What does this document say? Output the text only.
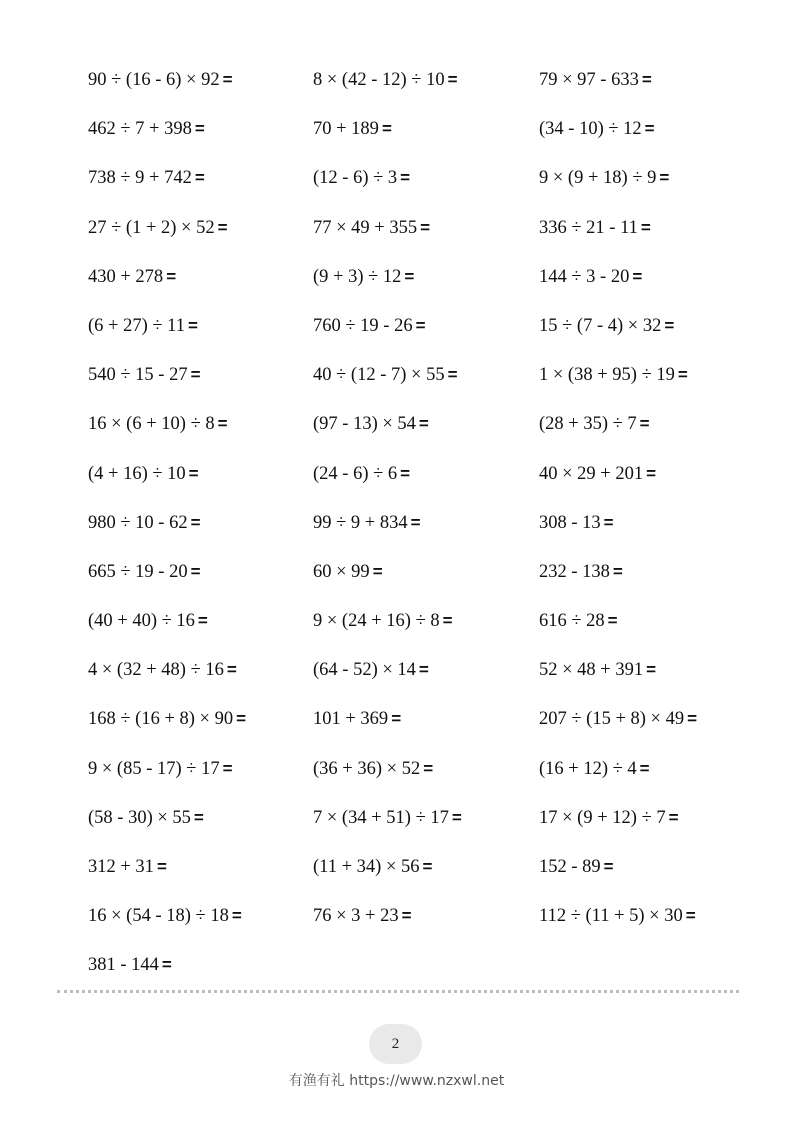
90 ÷ (16 - 6) × 92 =	8 × (42 - 12) ÷ 10 =	79 × 97 - 633 =
462 ÷ 7 + 398 =	70 + 189 =	(34 - 10) ÷ 12 =
738 ÷ 9 + 742 =	(12 - 6) ÷ 3 =	9 × (9 + 18) ÷ 9 =
27 ÷ (1 + 2) × 52 =	77 × 49 + 355 =	336 ÷ 21 - 11 =
430 + 278 =	(9 + 3) ÷ 12 =	144 ÷ 3 - 20 =
(6 + 27) ÷ 11 =	760 ÷ 19 - 26 =	15 ÷ (7 - 4) × 32 =
540 ÷ 15 - 27 =	40 ÷ (12 - 7) × 55 =	1 × (38 + 95) ÷ 19 =
16 × (6 + 10) ÷ 8 =	(97 - 13) × 54 =	(28 + 35) ÷ 7 =
(4 + 16) ÷ 10 =	(24 - 6) ÷ 6 =	40 × 29 + 201 =
980 ÷ 10 - 62 =	99 ÷ 9 + 834 =	308 - 13 =
665 ÷ 19 - 20 =	60 × 99 =	232 - 138 =
(40 + 40) ÷ 16 =	9 × (24 + 16) ÷ 8 =	616 ÷ 28 =
4 × (32 + 48) ÷ 16 =	(64 - 52) × 14 =	52 × 48 + 391 =
168 ÷ (16 + 8) × 90 =	101 + 369 =	207 ÷ (15 + 8) × 49 =
9 × (85 - 17) ÷ 17 =	(36 + 36) × 52 =	(16 + 12) ÷ 4 =
(58 - 30) × 55 =	7 × (34 + 51) ÷ 17 =	17 × (9 + 12) ÷ 7 =
312 + 31 =	(11 + 34) × 56 =	152 - 89 =
16 × (54 - 18) ÷ 18 =	76 × 3 + 23 =	112 ÷ (11 + 5) × 30 =
381 - 144 =
2
有渔有礼 https://www.nzxwl.net
